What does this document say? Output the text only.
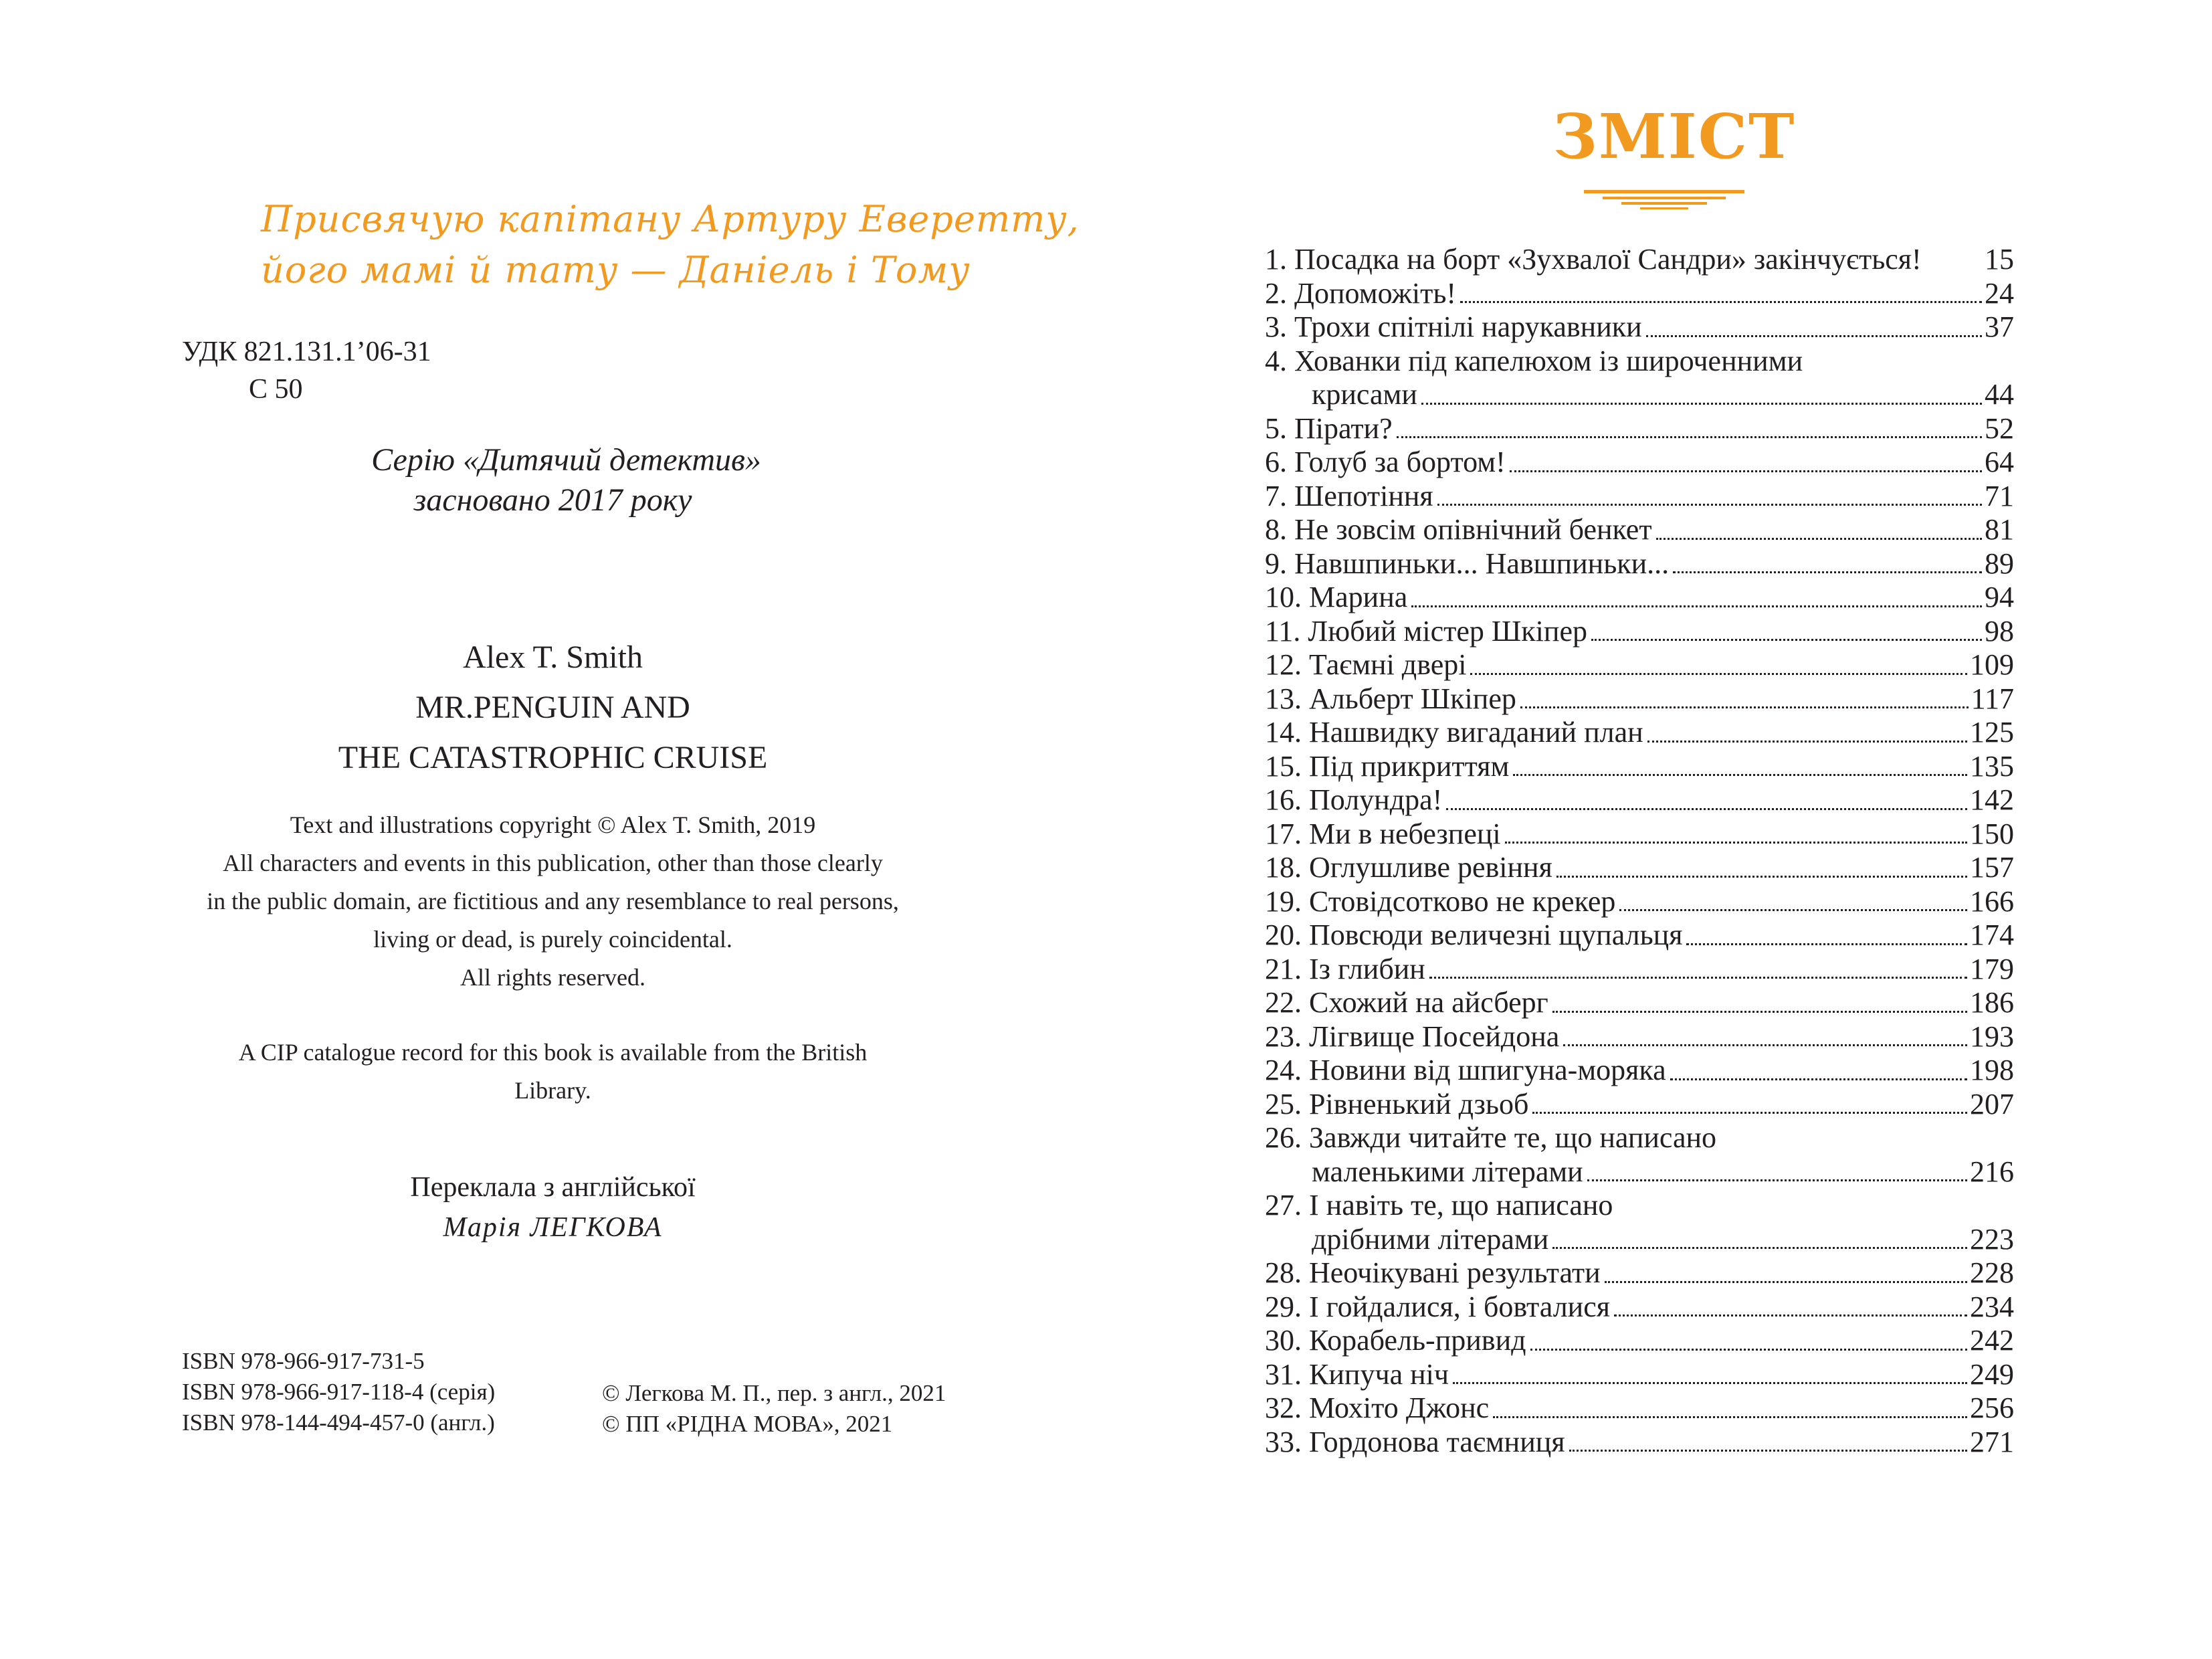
Присвячую капітану Артуру Еверетту,
його мамі й тату — Даніель і Тому
УДК 821.131.1’06-31
С 50
Серію «Дитячий детектив»
засновано 2017 року
Alex T. Smith
MR.PENGUIN AND
THE CATASTROPHIC CRUISE
Text and illustrations copyright © Alex T. Smith, 2019
All characters and events in this publication, other than those clearly
in the public domain, are fictitious and any resemblance to real persons,
living or dead, is purely coincidental.
All rights reserved.
A CIP catalogue record for this book is available from the British
Library.
Переклала з англійської
Марія ЛЕГКОВА
ISBN 978-966-917-731-5
ISBN 978-966-917-118-4 (серія)
ISBN 978-144-494-457-0 (англ.)
© Легкова М. П., пер. з англ., 2021
© ПП «РІДНА МОВА», 2021
ЗМІСТ
1. Посадка на борт «Зухвалої Сандри» закінчується! 15
2. Допоможіть!	24
3. Трохи спітнілі нарукавники	37
4. Хованки під капелюхом із широченними
крисами	44
5. Пірати?	52
6. Голуб за бортом!	64
7. Шепотіння	71
8. Не зовсім опівнічний бенкет	81
9. Навшпиньки... Навшпиньки...	89
10. Марина	94
11. Любий містер Шкіпер	98
12. Таємні двері	109
13. Альберт Шкіпер	117
14. Нашвидку вигаданий план	125
15. Під прикриттям	135
16. Полундра!	142
17. Ми в небезпеці	150
18. Оглушливе ревіння	157
19. Стовідсотково не крекер	166
20. Повсюди величезні щупальця	174
21. Із глибин	179
22. Схожий на айсберг	186
23. Лігвище Посейдона	193
24. Новини від шпигуна-моряка	198
25. Рівненький дзьоб	207
26. Завжди читайте те, що написано
маленькими літерами	216
27. І навіть те, що написано
дрібними літерами	223
28. Неочікувані результати	228
29. І гойдалися, і бовталися	234
30. Корабель-привид	242
31. Кипуча ніч	249
32. Мохіто Джонс	256
33. Гордонова таємниця	271
